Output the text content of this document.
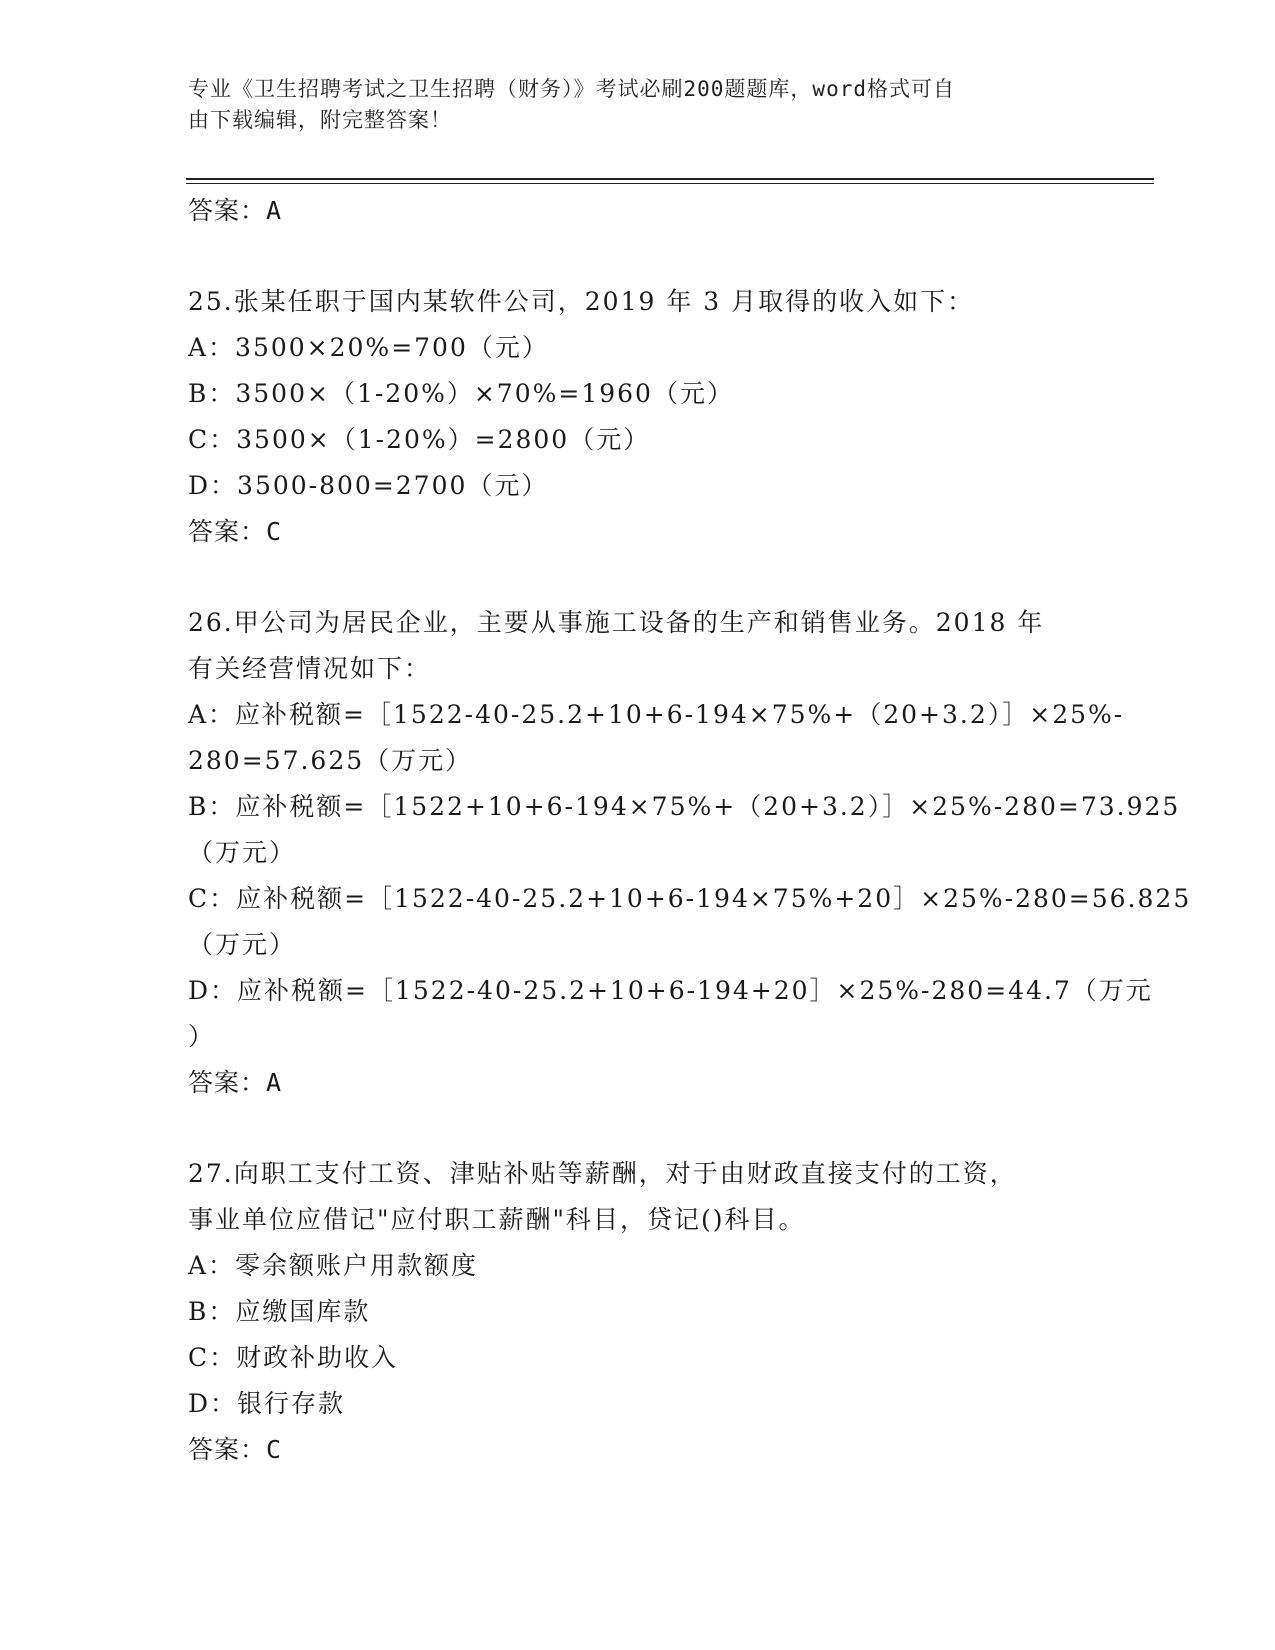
专业《卫生招聘考试之卫生招聘（财务）》考试必刷200题题库，word格式可自
由下载编辑，附完整答案！
答案：A
25.张某任职于国内某软件公司，2019 年 3 月取得的收入如下：
A：3500×20%=700（元）
B：3500×（1-20%）×70%=1960（元）
C：3500×（1-20%）=2800（元）
D：3500-800=2700（元）
答案：C
26.甲公司为居民企业，主要从事施工设备的生产和销售业务。2018 年
有关经营情况如下：
A：应补税额=［1522-40-25.2+10+6-194×75%+（20+3.2）］×25%-
280=57.625（万元）
B：应补税额=［1522+10+6-194×75%+（20+3.2）］×25%-280=73.925
（万元）
C：应补税额=［1522-40-25.2+10+6-194×75%+20］×25%-280=56.825
（万元）
D：应补税额=［1522-40-25.2+10+6-194+20］×25%-280=44.7（万元
）
答案：A
27.向职工支付工资、津贴补贴等薪酬，对于由财政直接支付的工资，
事业单位应借记"应付职工薪酬"科目，贷记()科目。
A：零余额账户用款额度
B：应缴国库款
C：财政补助收入
D：银行存款
答案：C
